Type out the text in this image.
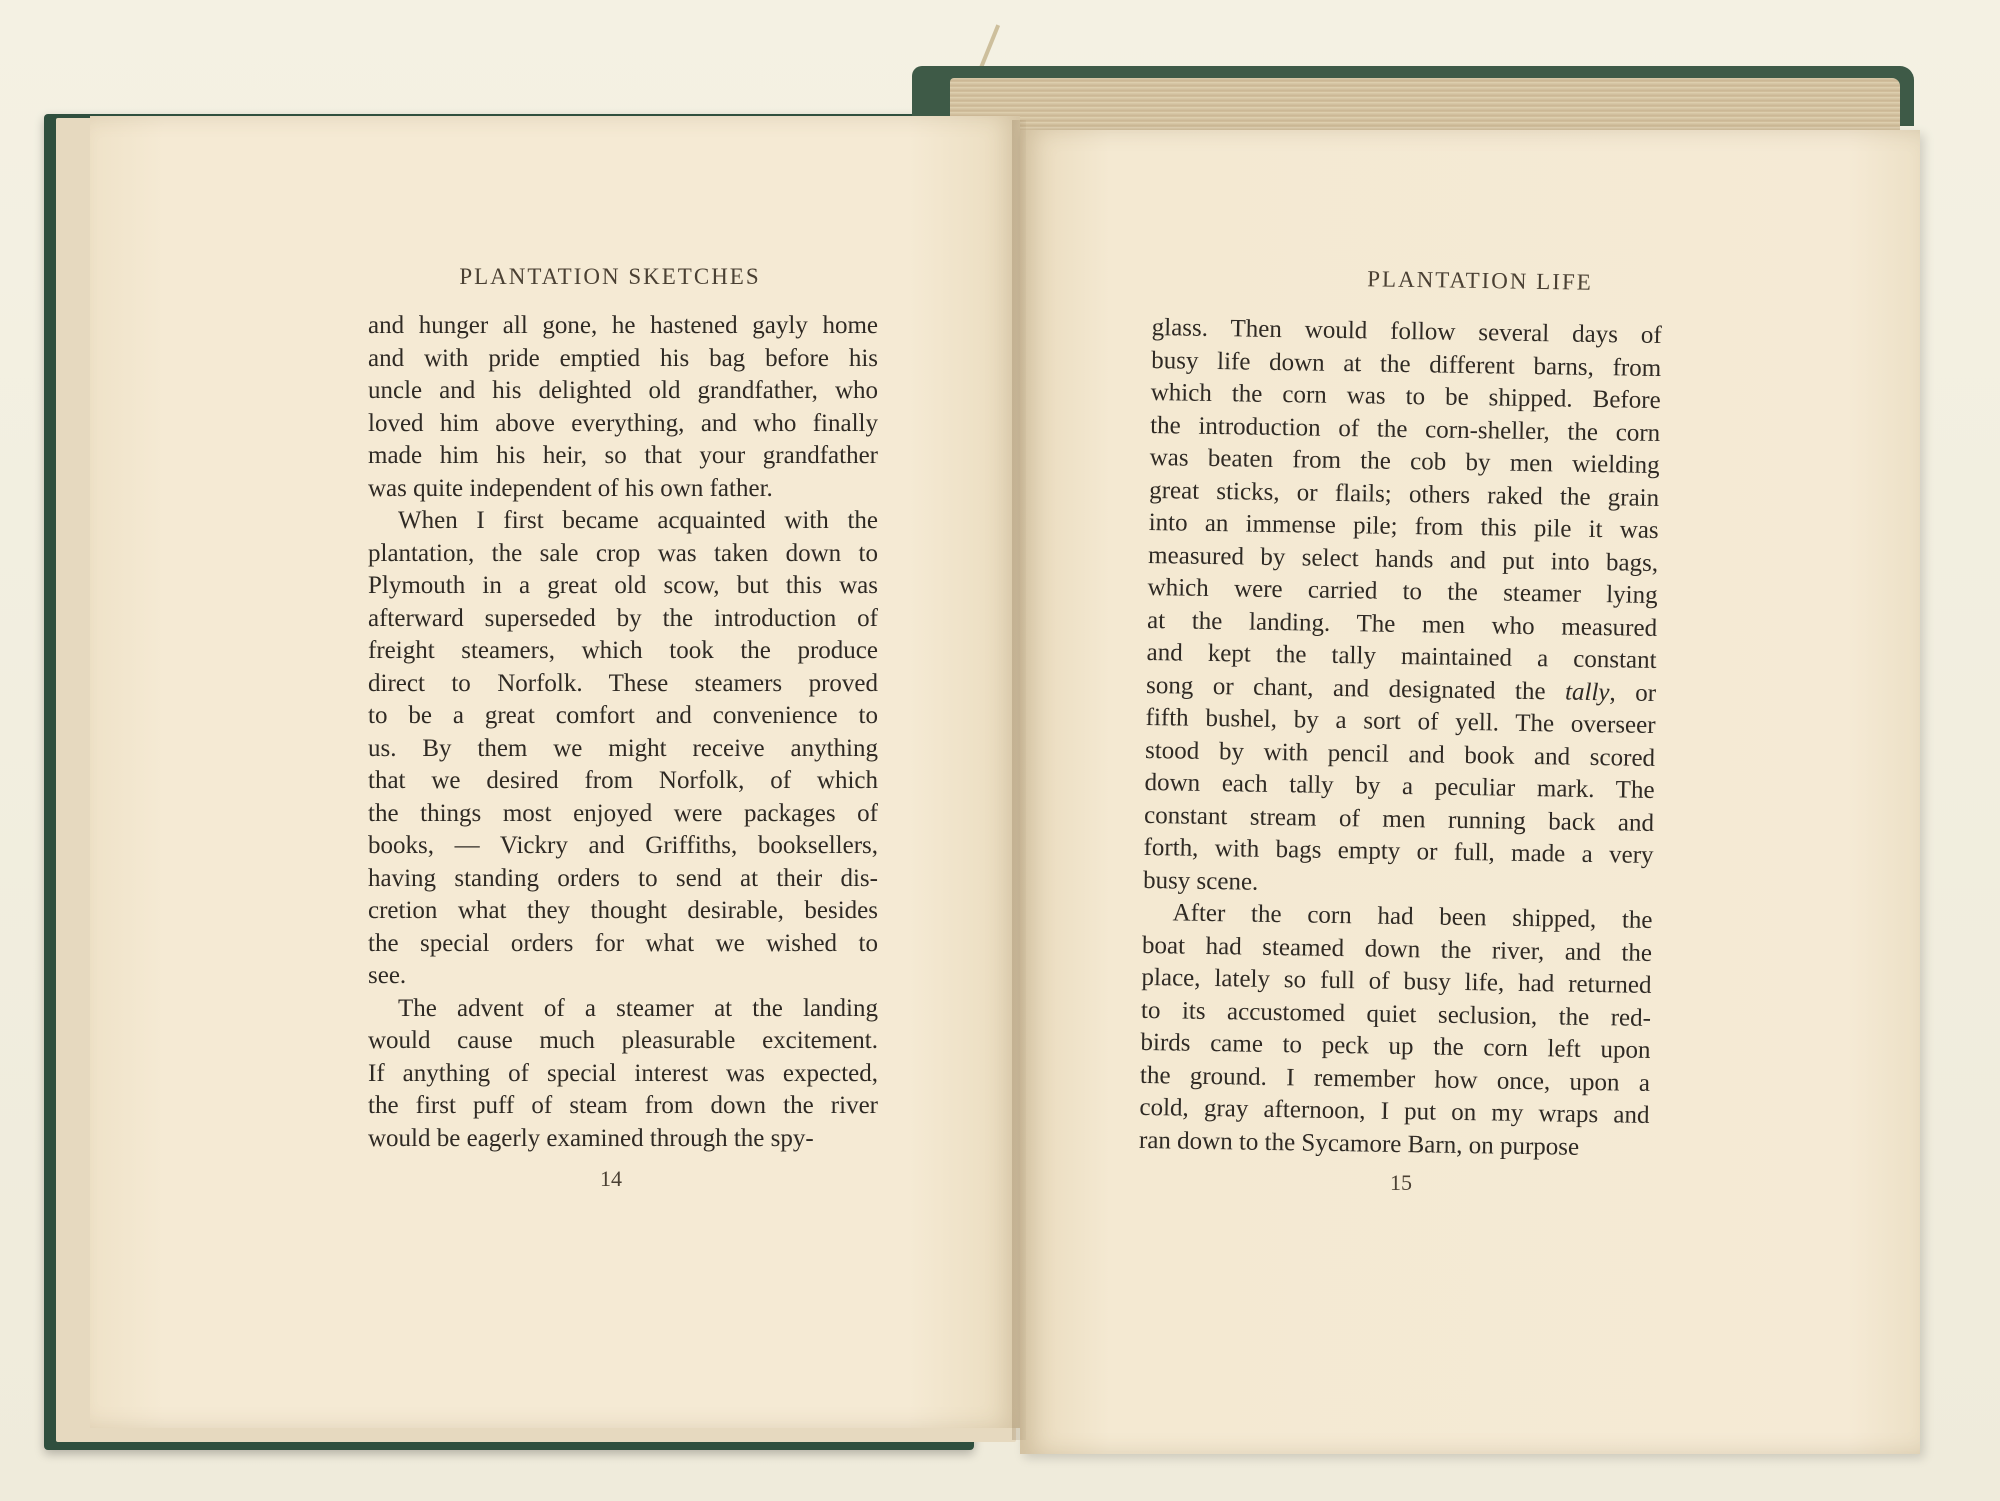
PLANTATION SKETCHES
and hunger all gone, he hastened gayly home
and with pride emptied his bag before his
uncle and his delighted old grandfather, who
loved him above everything, and who finally
made him his heir, so that your grandfather
was quite independent of his own father.
When I first became acquainted with the
plantation, the sale crop was taken down to
Plymouth in a great old scow, but this was
afterward superseded by the introduction of
freight steamers, which took the produce
direct to Norfolk. These steamers proved
to be a great comfort and convenience to
us. By them we might receive anything
that we desired from Norfolk, of which
the things most enjoyed were packages of
books, — Vickry and Griffiths, booksellers,
having standing orders to send at their dis-
cretion what they thought desirable, besides
the special orders for what we wished to
see.
The advent of a steamer at the landing
would cause much pleasurable excitement.
If anything of special interest was expected,
the first puff of steam from down the river
would be eagerly examined through the spy-
14
PLANTATION LIFE
glass. Then would follow several days of
busy life down at the different barns, from
which the corn was to be shipped. Before
the introduction of the corn-sheller, the corn
was beaten from the cob by men wielding
great sticks, or flails; others raked the grain
into an immense pile; from this pile it was
measured by select hands and put into bags,
which were carried to the steamer lying
at the landing. The men who measured
and kept the tally maintained a constant
song or chant, and designated the tally, or
fifth bushel, by a sort of yell. The overseer
stood by with pencil and book and scored
down each tally by a peculiar mark. The
constant stream of men running back and
forth, with bags empty or full, made a very
busy scene.
After the corn had been shipped, the
boat had steamed down the river, and the
place, lately so full of busy life, had returned
to its accustomed quiet seclusion, the red-
birds came to peck up the corn left upon
the ground. I remember how once, upon a
cold, gray afternoon, I put on my wraps and
ran down to the Sycamore Barn, on purpose
15
